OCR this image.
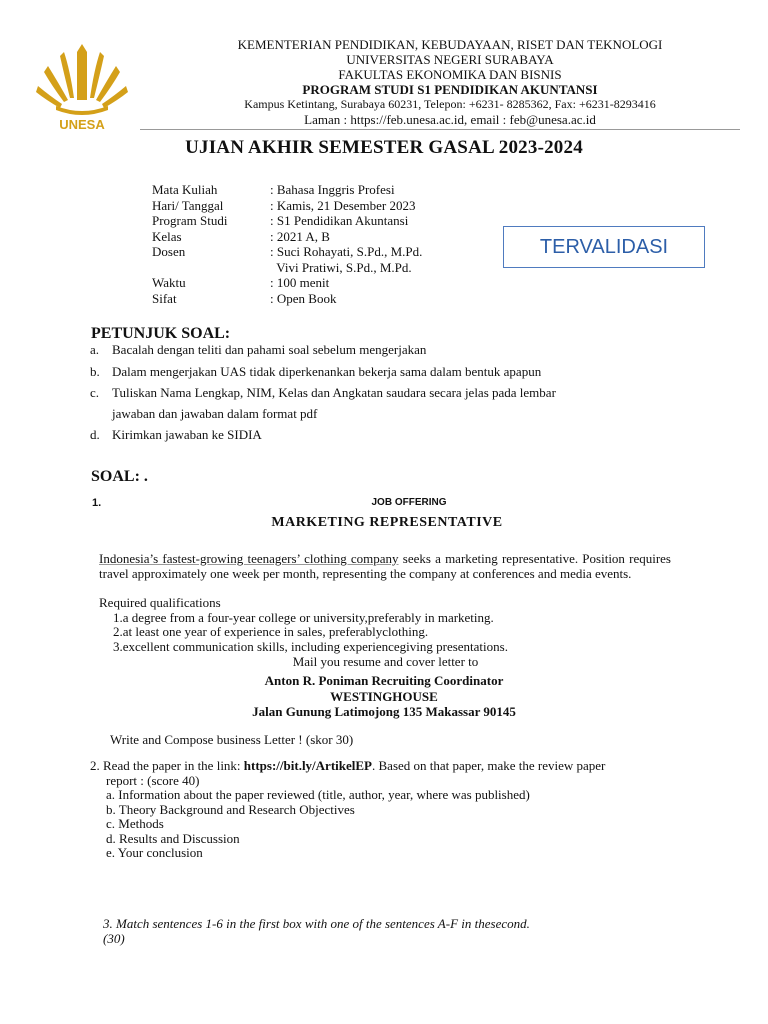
UNESA
KEMENTERIAN PENDIDIKAN, KEBUDAYAAN, RISET DAN TEKNOLOGI
UNIVERSITAS NEGERI SURABAYA
FAKULTAS EKONOMIKA DAN BISNIS
PROGRAM STUDI S1 PENDIDIKAN AKUNTANSI
Kampus Ketintang, Surabaya 60231, Telepon: +6231- 8285362, Fax: +6231-8293416
Laman : https://feb.unesa.ac.id, email : feb@unesa.ac.id
UJIAN AKHIR SEMESTER GASAL 2023-2024
Mata Kuliah	: Bahasa Inggris Profesi
Hari/ Tanggal	: Kamis, 21 Desember 2023
Program Studi	: S1 Pendidikan Akuntansi
Kelas	: 2021 A, B
Dosen	: Suci Rohayati, S.Pd., M.Pd.
Vivi Pratiwi, S.Pd., M.Pd.
Waktu	: 100 menit
Sifat	: Open Book
TERVALIDASI
PETUNJUK SOAL:
a. Bacalah dengan teliti dan pahami soal sebelum mengerjakan
b. Dalam mengerjakan UAS tidak diperkenankan bekerja sama dalam bentuk apapun
c. Tuliskan Nama Lengkap, NIM, Kelas dan Angkatan saudara secara jelas pada lembar
jawaban dan jawaban dalam format pdf
d. Kirimkan jawaban ke SIDIA
SOAL: .
1.	JOB OFFERING
MARKETING REPRESENTATIVE
Indonesia’s fastest-growing teenagers’ clothing company seeks a marketing representative. Position requires travel approximately one week per month, representing the company at conferences and media events.
Required qualifications
1.a degree from a four-year college or university,preferably in marketing.
2.at least one year of experience in sales, preferablyclothing.
3.excellent communication skills, including experiencegiving presentations.
Mail you resume and cover letter to
Anton R. Poniman Recruiting Coordinator
WESTINGHOUSE
Jalan Gunung Latimojong 135 Makassar 90145
Write and Compose business Letter ! (skor 30)
2. Read the paper in the link: https://bit.ly/ArtikelEP. Based on that paper, make the review paper
report : (score 40)
a. Information about the paper reviewed (title, author, year, where was published)
b. Theory Background and Research Objectives
c. Methods
d. Results and Discussion
e. Your conclusion
3. Match sentences 1-6 in the first box with one of the sentences A-F in thesecond.
(30)
